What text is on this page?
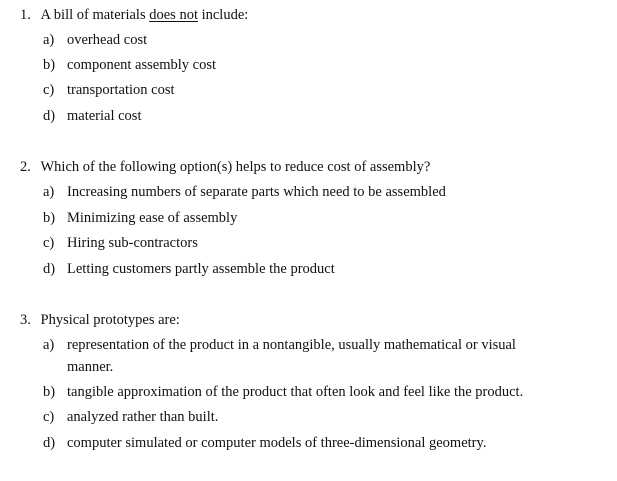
1. A bill of materials does not include:
a) overhead cost
b) component assembly cost
c) transportation cost
d) material cost
2. Which of the following option(s) helps to reduce cost of assembly?
a) Increasing numbers of separate parts which need to be assembled
b) Minimizing ease of assembly
c) Hiring sub-contractors
d) Letting customers partly assemble the product
3. Physical prototypes are:
a) representation of the product in a nontangible, usually mathematical or visual
manner.
b) tangible approximation of the product that often look and feel like the product.
c) analyzed rather than built.
d) computer simulated or computer models of three-dimensional geometry.
